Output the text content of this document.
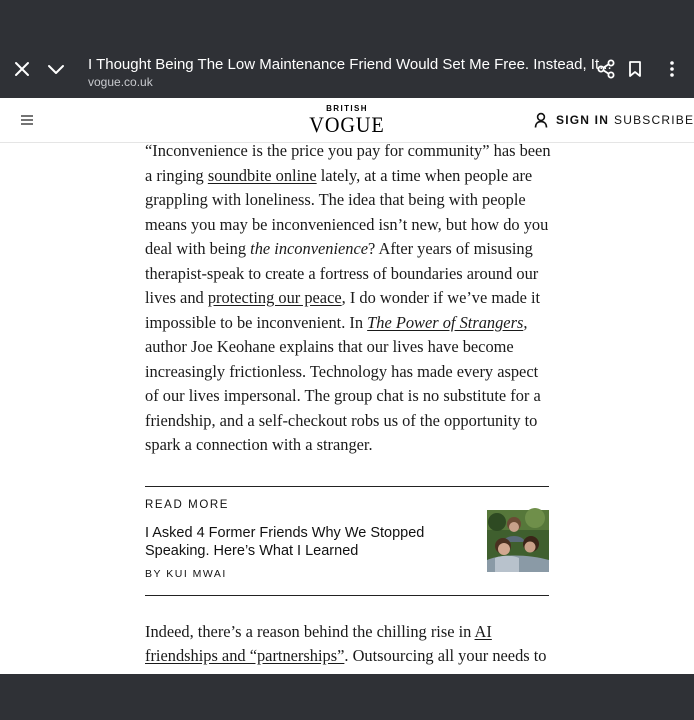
I Thought Being The Low Maintenance Friend Would Set Me Free. Instead, It...
vogue.co.uk
BRITISH
VOGUE	SIGN IN SUBSCRIBE

“Inconvenience is the price you pay for community” has been a ringing soundbite online lately, at a time when people are grappling with loneliness. The idea that being with people means you may be inconvenienced isn’t new, but how do you deal with being the inconvenience? After years of misusing therapist-speak to create a fortress of boundaries around our lives and protecting our peace, I do wonder if we’ve made it impossible to be inconvenient. In The Power of Strangers, author Joe Keohane explains that our lives have become increasingly frictionless. Technology has made every aspect of our lives impersonal. The group chat is no substitute for a friendship, and a self-checkout robs us of the opportunity to spark a connection with a stranger.

READ MORE
I Asked 4 Former Friends Why We Stopped Speaking. Here’s What I Learned
BY KUI MWAI

Indeed, there’s a reason behind the chilling rise in AI friendships and “partnerships”. Outsourcing all your needs to
